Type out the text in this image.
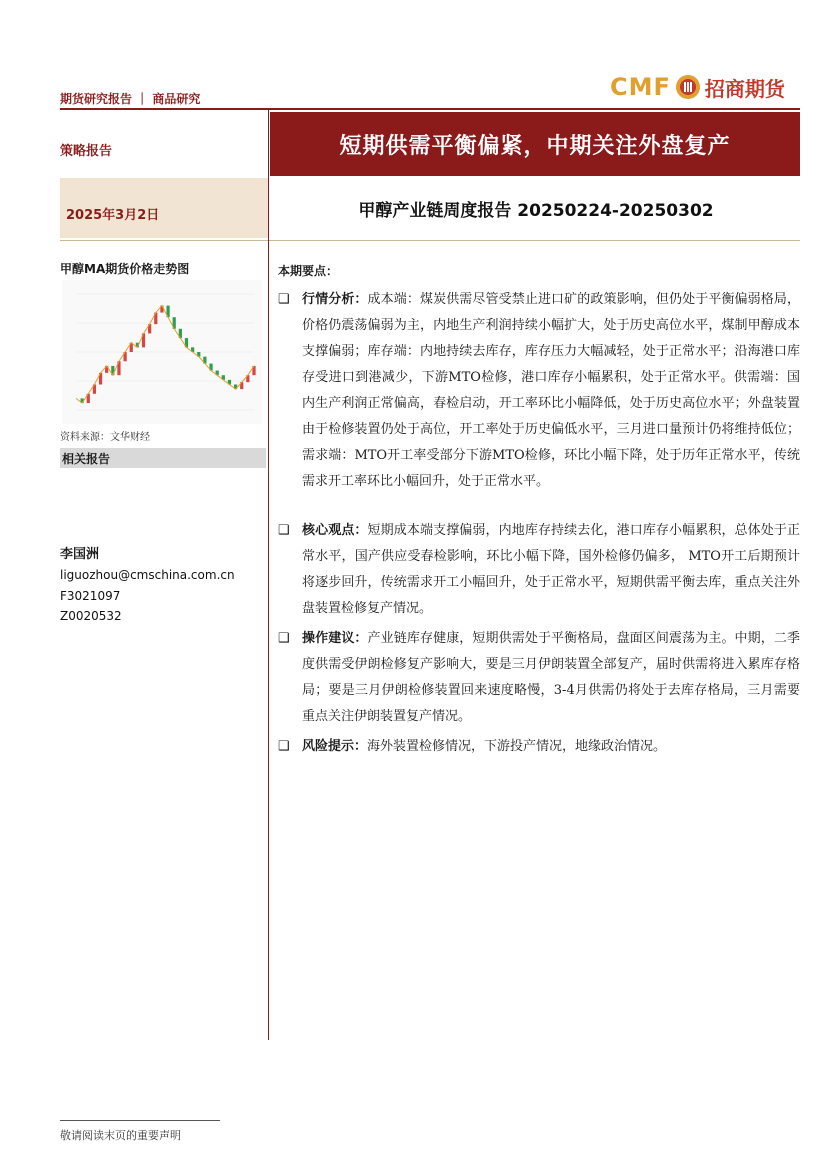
期货研究报告 ｜ 商品研究	CMF 招商期货
策略报告	短期供需平衡偏紧，中期关注外盘复产
2025年3月2日	甲醇产业链周度报告 20250224-20250302
甲醇MA期货价格走势图
资料来源：文华财经
相关报告
李国洲
liguozhou@cmschina.com.cn
F3021097
Z0020532
本期要点：
❑ 行情分析：成本端：煤炭供需尽管受禁止进口矿的政策影响，但仍处于平衡偏弱格局，价格仍震荡偏弱为主，内地生产利润持续小幅扩大，处于历史高位水平，煤制甲醇成本支撑偏弱；库存端：内地持续去库存，库存压力大幅减轻，处于正常水平；沿海港口库存受进口到港减少，下游MTO检修，港口库存小幅累积，处于正常水平。供需端：国内生产利润正常偏高，春检启动，开工率环比小幅降低，处于历史高位水平；外盘装置由于检修装置仍处于高位，开工率处于历史偏低水平，三月进口量预计仍将维持低位；需求端：MTO开工率受部分下游MTO检修，环比小幅下降，处于历年正常水平，传统需求开工率环比小幅回升，处于正常水平。
❑ 核心观点：短期成本端支撑偏弱，内地库存持续去化，港口库存小幅累积，总体处于正常水平，国产供应受春检影响，环比小幅下降，国外检修仍偏多， MTO开工后期预计将逐步回升，传统需求开工小幅回升，处于正常水平，短期供需平衡去库，重点关注外盘装置检修复产情况。
❑ 操作建议：产业链库存健康，短期供需处于平衡格局，盘面区间震荡为主。中期，二季度供需受伊朗检修复产影响大，要是三月伊朗装置全部复产，届时供需将进入累库存格局；要是三月伊朗检修装置回来速度略慢，3-4月供需仍将处于去库存格局，三月需要重点关注伊朗装置复产情况。
❑ 风险提示：海外装置检修情况，下游投产情况，地缘政治情况。
敬请阅读末页的重要声明
